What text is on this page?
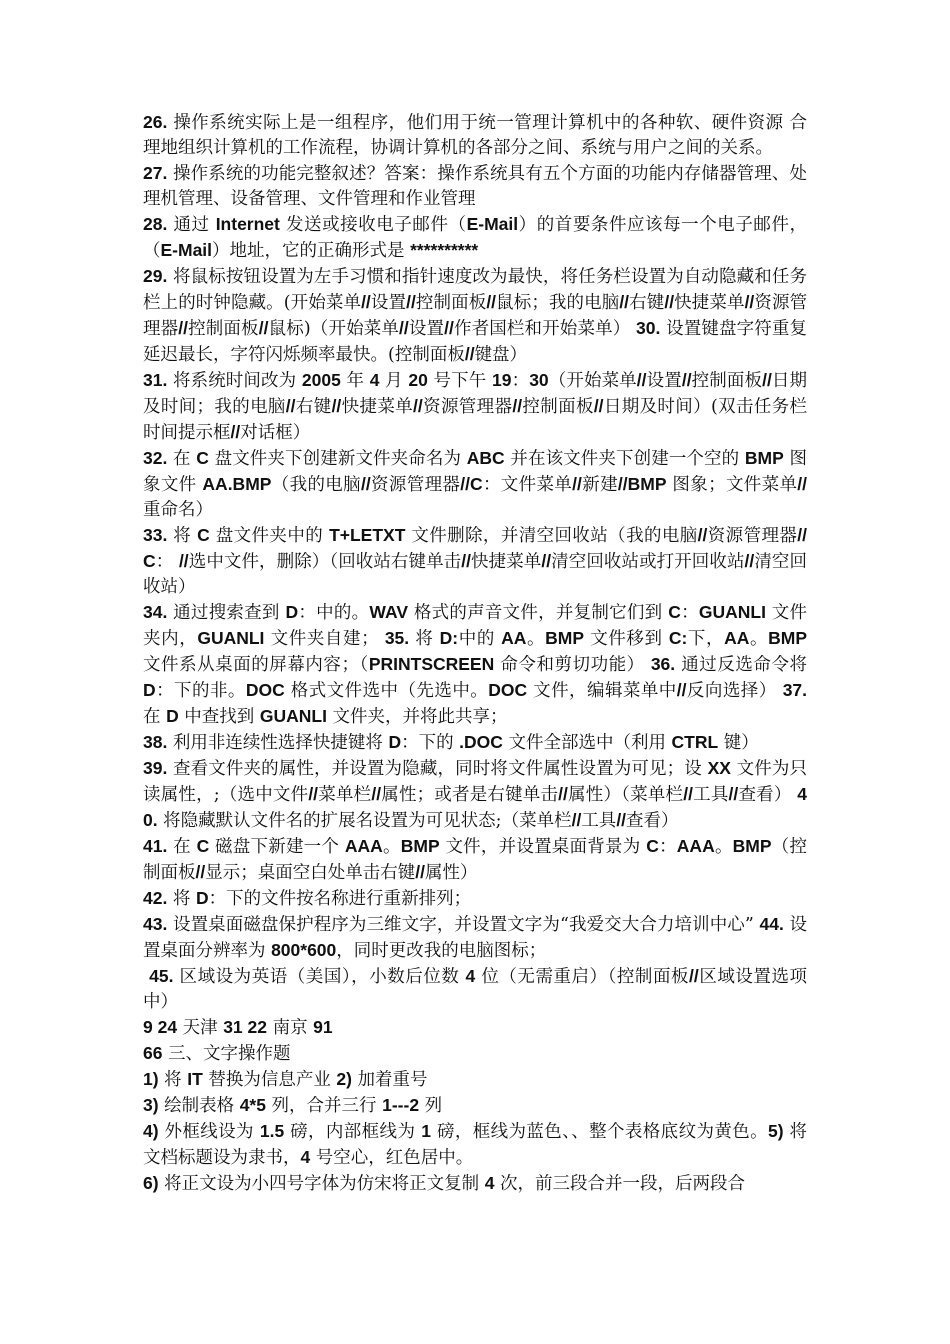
26. 操作系统实际上是一组程序，他们用于统一管理计算机中的各种软、硬件资源 合理地组织计算机的工作流程，协调计算机的各部分之间、系统与用户之间的关系。

27. 操作系统的功能完整叙述？答案：操作系统具有五个方面的功能内存储器管理、处理机管理、设备管理、文件管理和作业管理

28. 通过 Internet 发送或接收电子邮件（E-Mail）的首要条件应该每一个电子邮件，（E-Mail）地址，它的正确形式是 **********

29. 将鼠标按钮设置为左手习惯和指针速度改为最快，将任务栏设置为自动隐藏和任务栏上的时钟隐藏。(开始菜单//设置//控制面板//鼠标；我的电脑//右键//快捷菜单//资源管理器//控制面板//鼠标)（开始菜单//设置//作者国栏和开始菜单） 30. 设置键盘字符重复延迟最长，字符闪烁频率最快。(控制面板//键盘）

31. 将系统时间改为 2005 年 4 月 20 号下午 19：30（开始菜单//设置//控制面板//日期及时间；我的电脑//右键//快捷菜单//资源管理器//控制面板//日期及时间）(双击任务栏时间提示框//对话框）

32. 在 C 盘文件夹下创建新文件夹命名为 ABC 并在该文件夹下创建一个空的 BMP 图象文件 AA.BMP（我的电脑//资源管理器//C：文件菜单//新建//BMP 图象；文件菜单//重命名）

33. 将 C 盘文件夹中的 T+LETXT 文件删除，并清空回收站（我的电脑//资源管理器//C： //选中文件，删除）（回收站右键单击//快捷菜单//清空回收站或打开回收站//清空回收站）

34. 通过搜索查到 D：中的。WAV 格式的声音文件，并复制它们到 C：GUANLI 文件夹内，GUANLI 文件夹自建； 35. 将 D:中的 AA。BMP 文件移到 C:下，AA。BMP 文件系从桌面的屏幕内容；（PRINTSCREEN 命令和剪切功能） 36. 通过反选命令将 D：下的非。DOC 格式文件选中（先选中。DOC 文件，编辑菜单中//反向选择） 37. 在 D 中查找到 GUANLI 文件夹，并将此共享；

38. 利用非连续性选择快捷键将 D：下的 .DOC 文件全部选中（利用 CTRL 键）

39. 查看文件夹的属性，并设置为隐藏，同时将文件属性设置为可见；设 XX 文件为只读属性，;（选中文件//菜单栏//属性；或者是右键单击//属性）（菜单栏//工具//查看） 40. 将隐藏默认文件名的扩展名设置为可见状态;（菜单栏//工具//查看）

41. 在 C 磁盘下新建一个 AAA。BMP 文件，并设置桌面背景为 C：AAA。BMP（控制面板//显示；桌面空白处单击右键//属性）

42. 将 D：下的文件按名称进行重新排列；

43. 设置桌面磁盘保护程序为三维文字，并设置文字为“我爱交大合力培训中心” 44. 设置桌面分辨率为 800*600，同时更改我的电脑图标；

45. 区域设为英语（美国），小数后位数 4 位（无需重启）（控制面板//区域设置选项中）

9 24 天津 31 22 南京 91

66 三、文字操作题

1) 将 IT 替换为信息产业 2) 加着重号

3) 绘制表格 4*5 列，合并三行 1---2 列

4) 外框线设为 1.5 磅，内部框线为 1 磅，框线为蓝色、、整个表格底纹为黄色。5) 将文档标题设为隶书，4 号空心，红色居中。

6) 将正文设为小四号字体为仿宋将正文复制 4 次，前三段合并一段，后两段合
